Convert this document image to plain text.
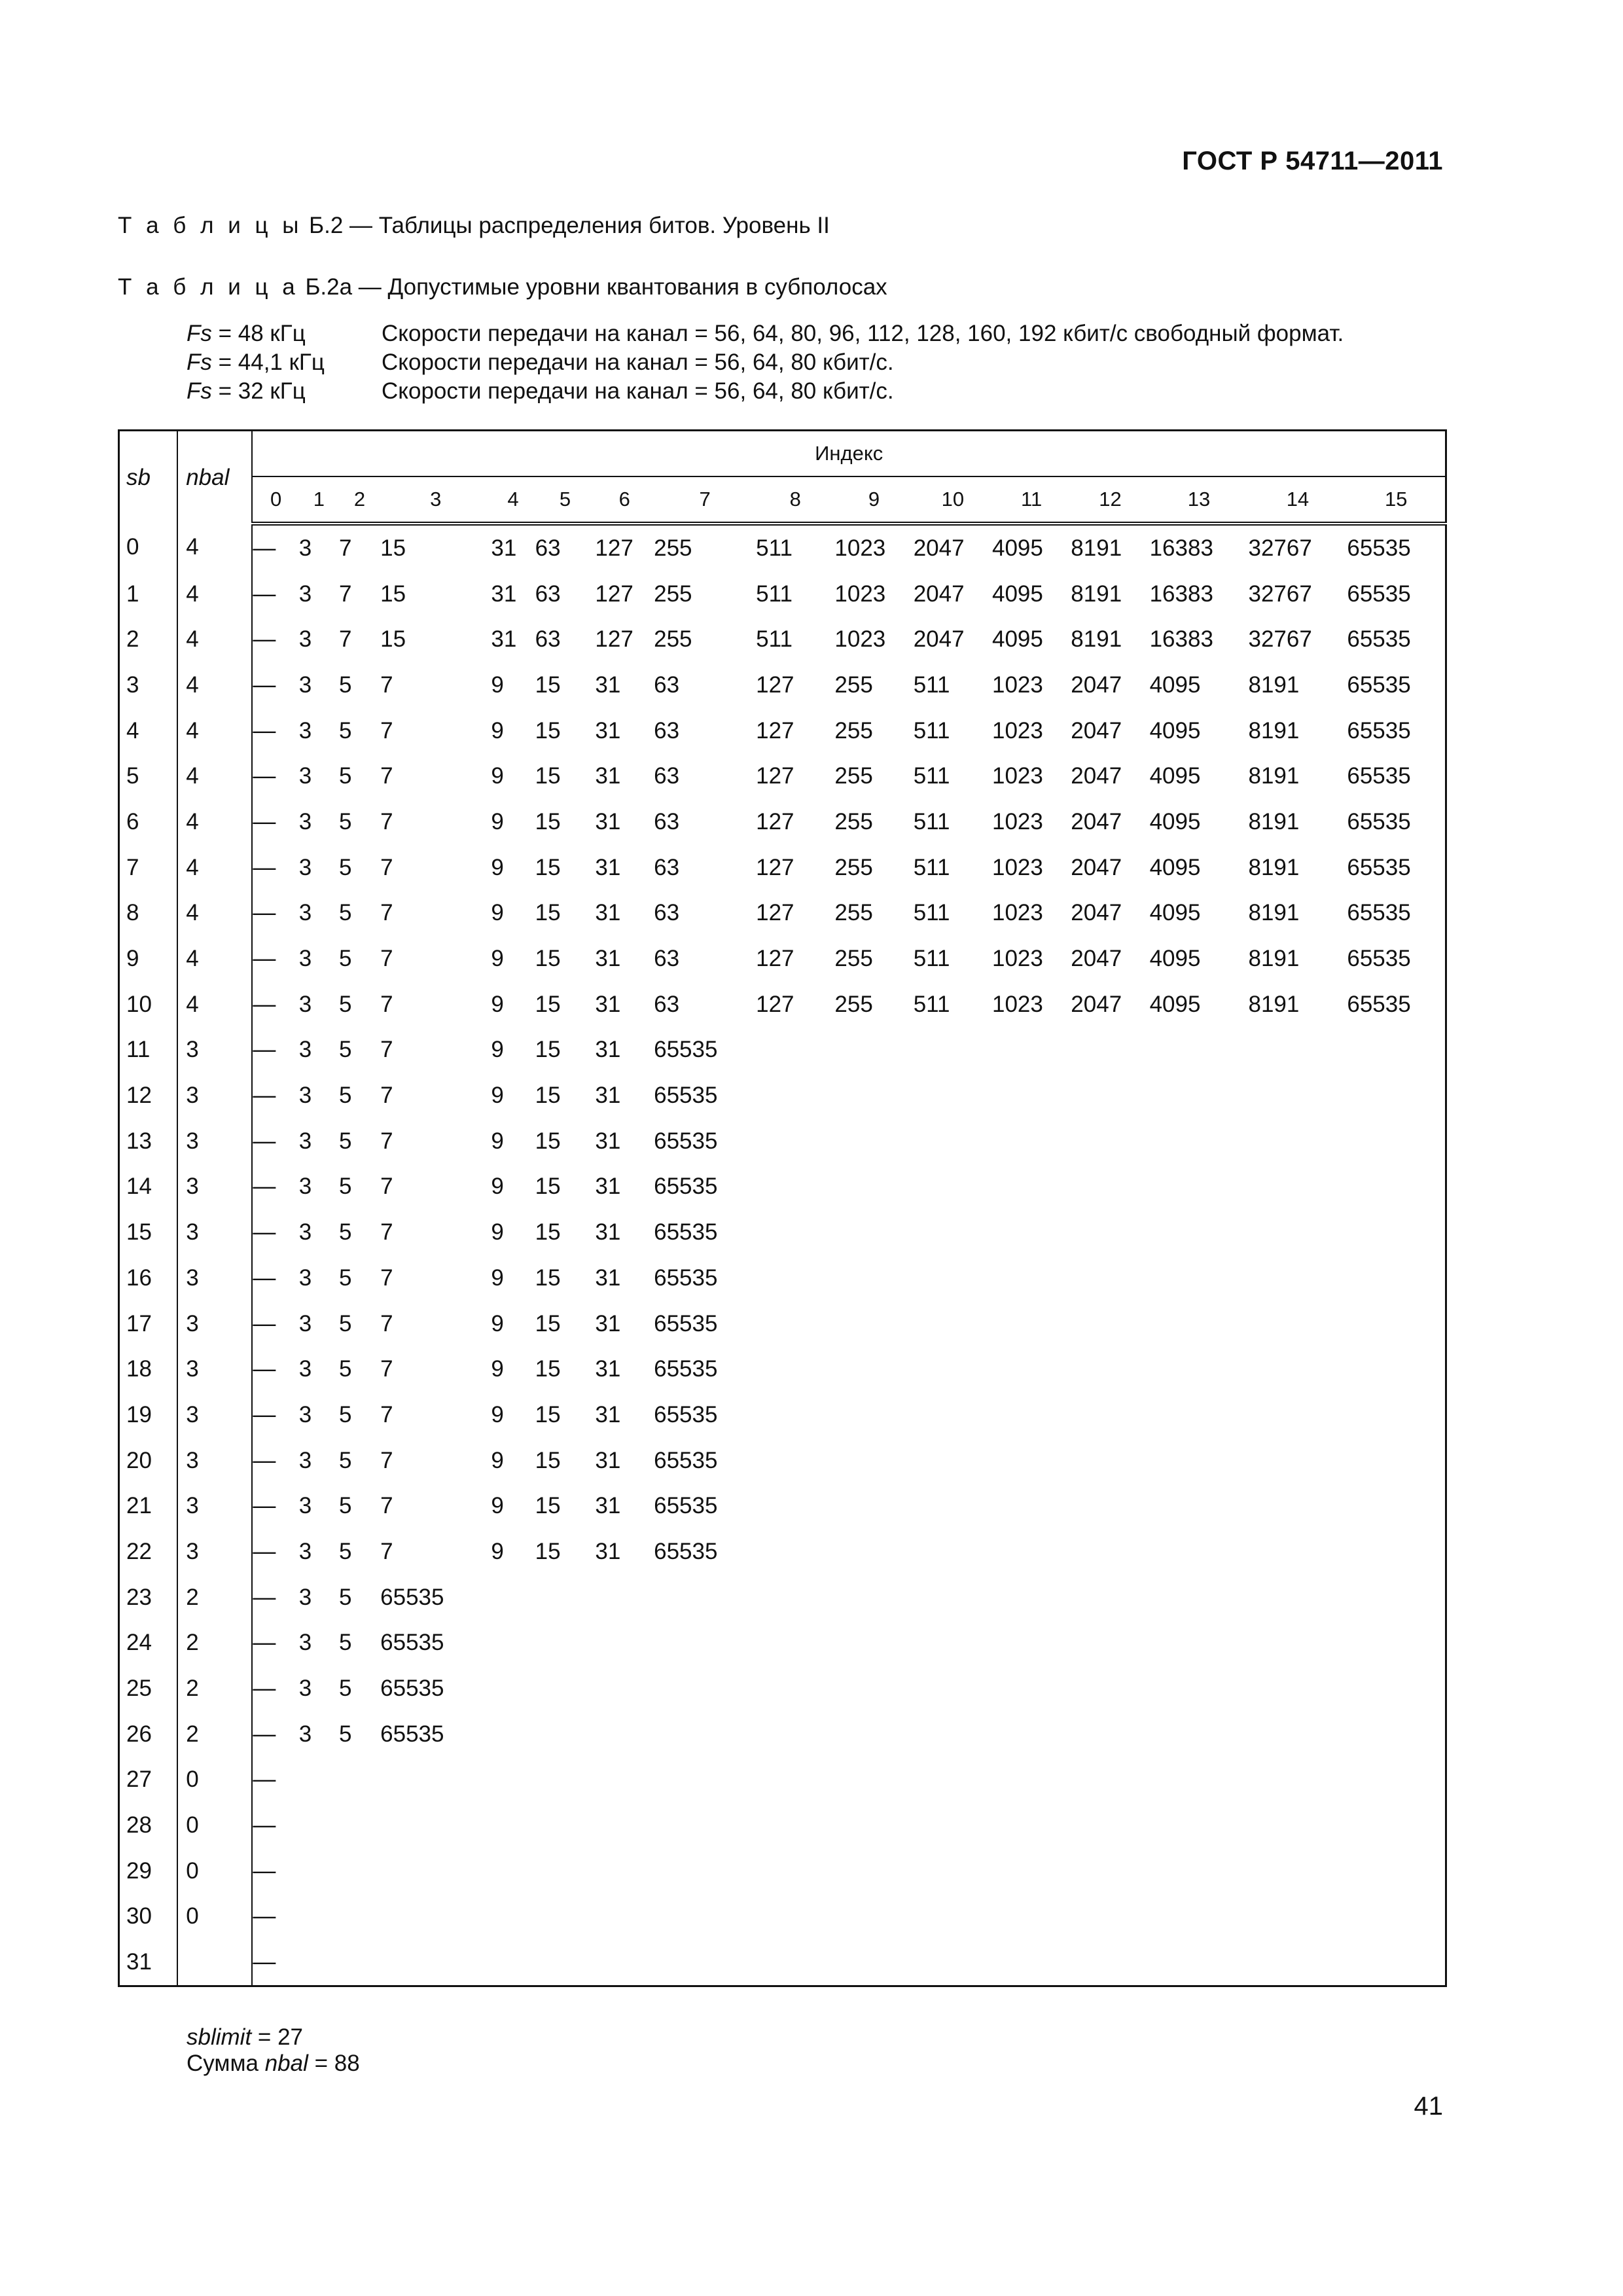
ГОСТ Р 54711—2011
Т а б л и ц ы Б.2 — Таблицы распределения битов. Уровень II
Т а б л и ц а Б.2a — Допустимые уровни квантования в субполосах
Fs = 48 кГц	Скорости передачи на канал = 56, 64, 80, 96, 112, 128, 160, 192 кбит/с свободный формат.
Fs = 44,1 кГц	Скорости передачи на канал = 56, 64, 80 кбит/с.
Fs = 32 кГц	Скорости передачи на канал = 56, 64, 80 кбит/с.
sb	nbal	Индекс															
		0	1	2	3	4	5	6	7	8	9	10	11	12	13	14	15
0	4	—	3	7	15	31	63	127	255	511	1023	2047	4095	8191	16383	32767	65535
1	4	—	3	7	15	31	63	127	255	511	1023	2047	4095	8191	16383	32767	65535
2	4	—	3	7	15	31	63	127	255	511	1023	2047	4095	8191	16383	32767	65535
3	4	—	3	5	7	9	15	31	63	127	255	511	1023	2047	4095	8191	65535
4	4	—	3	5	7	9	15	31	63	127	255	511	1023	2047	4095	8191	65535
5	4	—	3	5	7	9	15	31	63	127	255	511	1023	2047	4095	8191	65535
6	4	—	3	5	7	9	15	31	63	127	255	511	1023	2047	4095	8191	65535
7	4	—	3	5	7	9	15	31	63	127	255	511	1023	2047	4095	8191	65535
8	4	—	3	5	7	9	15	31	63	127	255	511	1023	2047	4095	8191	65535
9	4	—	3	5	7	9	15	31	63	127	255	511	1023	2047	4095	8191	65535
10	4	—	3	5	7	9	15	31	63	127	255	511	1023	2047	4095	8191	65535
11	3	—	3	5	7	9	15	31	65535								
12	3	—	3	5	7	9	15	31	65535								
13	3	—	3	5	7	9	15	31	65535								
14	3	—	3	5	7	9	15	31	65535								
15	3	—	3	5	7	9	15	31	65535								
16	3	—	3	5	7	9	15	31	65535								
17	3	—	3	5	7	9	15	31	65535								
18	3	—	3	5	7	9	15	31	65535								
19	3	—	3	5	7	9	15	31	65535								
20	3	—	3	5	7	9	15	31	65535								
21	3	—	3	5	7	9	15	31	65535								
22	3	—	3	5	7	9	15	31	65535								
23	2	—	3	5	65535												
24	2	—	3	5	65535												
25	2	—	3	5	65535												
26	2	—	3	5	65535												
27	0	—															
28	0	—															
29	0	—															
30	0	—															
31		—															
sblimit = 27
Сумма nbal = 88
41
